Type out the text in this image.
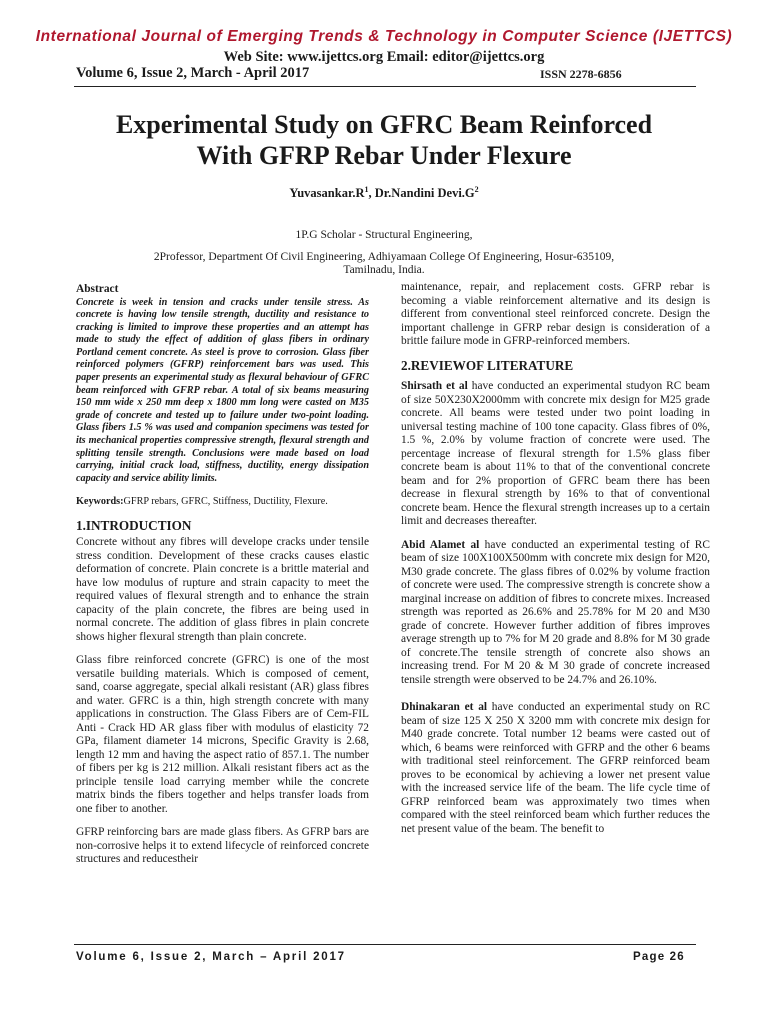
International Journal of Emerging Trends & Technology in Computer Science (IJETTCS)
Web Site: www.ijettcs.org Email: editor@ijettcs.org
Volume 6, Issue 2, March - April 2017	ISSN 2278-6856
Experimental Study on GFRC Beam Reinforced
With GFRP Rebar Under Flexure
$Yuvasankar.R^1$, Dr.Nandini $Devi.G^2$
1P.G Scholar - Structural Engineering,
2Professor, Department Of Civil Engineering, Adhiyamaan College Of Engineering, Hosur-635109,
Tamilnadu, India.
Abstract

Concrete is week in tension and cracks under tensile stress. As concrete is having low tensile strength, ductility and resistance to cracking is limited to improve these properties and an attempt has made to study the effect of addition of glass fibers in ordinary Portland cement concrete. As steel is prove to corrosion. Glass fiber reinforced polymers (GFRP) reinforcement bars was used. This paper presents an experimental study as flexural behaviour of GFRC beam reinforced with GFRP rebar. A total of six beams measuring 150 mm wide x 250 mm deep x 1800 mm long were casted on M35 grade of concrete and tested up to failure under two-point loading. Glass fibers 1.5 % was used and companion specimens was tested for its mechanical properties compressive strength, flexural strength and splitting tensile strength. Conclusions were made based on load carrying, initial crack load, stiffness, ductility, energy dissipation capacity and service ability limits.

Keywords:GFRP rebars, GFRC, Stiffness, Ductility, Flexure.

1.INTRODUCTION

Concrete without any fibres will develope cracks under tensile stress condition. Development of these cracks causes elastic deformation of concrete. Plain concrete is a brittle material and have low modulus of rupture and strain capacity to meet the required values of flexural strength and to enhance the strain capacity of the plain concrete, the fibres are being used in normal concrete. The addition of glass fibres in plain concrete shows higher flexural strength than plain concrete.

Glass fibre reinforced concrete (GFRC) is one of the most versatile building materials. Which is composed of cement, sand, coarse aggregate, special alkali resistant (AR) glass fibres and water. GFRC is a thin, high strength concrete with many applications in construction. The Glass Fibers are of Cem-FIL Anti - Crack HD AR glass fiber with modulus of elasticity 72 GPa, filament diameter 14 microns, Specific Gravity is 2.68, length 12 mm and having the aspect ratio of 857.1. The number of fibers per kg is 212 million. Alkali resistant fibers act as the principle tensile load carrying member while the concrete matrix binds the fibers together and helps transfer loads from one fiber to another.

GFRP reinforcing bars are made glass fibers. As GFRP bars are non-corrosive helps it to extend lifecycle of reinforced concrete structures and reducestheir

maintenance, repair, and replacement costs. GFRP rebar is becoming a viable reinforcement alternative and its design is different from conventional steel reinforced concrete. Design the important challenge in GFRP rebar design is consideration of a brittle failure mode in GFRP-reinforced members.

2.REVIEWOF LITERATURE

Shirsath et al have conducted an experimental studyon RC beam of size 50X230X2000mm with concrete mix design for M25 grade concrete. All beams were tested under two point loading in universal testing machine of 100 tone capacity. Glass fibres of 0%, 1.5 %, 2.0% by volume fraction of concrete were used. The percentage increase of flexural strength for 1.5% glass fiber concrete beam is about 11% to that of the conventional concrete beam and for 2% proportion of GFRC beam there has been decrease in flexural strength by 16% to that of conventional concrete beam. Hence the flexural strength increases up to a certain limit and decreases thereafter.

Abid Alamet al have conducted an experimental testing of RC beam of size 100X100X500mm with concrete mix design for M20, M30 grade concrete. The glass fibres of 0.02% by volume fraction of concrete were used. The compressive strength is concrete show a marginal increase on addition of fibres to concrete mixes. Increased strength was reported as 26.6% and 25.78% for M 20 and M30 grade of concrete. However further addition of fibres improves average strength up to 7% for M 20 grade and 8.8% for M 30 grade of concrete.The tensile strength of concrete also shows an increasing trend. For M 20 & M 30 grade of concrete increased tensile strength were observed to be 24.7% and 26.10%.

Dhinakaran et al have conducted an experimental study on RC beam of size 125 X 250 X 3200 mm with concrete mix design for M40 grade concrete. Total number 12 beams were casted out of which, 6 beams were reinforced with GFRP and the other 6 beams with traditional steel reinforcement. The GFRP reinforced beam proves to be economical by achieving a lower net present value with the increased service life of the beam. The life cycle time of GFRP reinforced beam was approximately two times when compared with the steel reinforced beam which further reduces the net present value of the beam. The benefit to

Volume 6, Issue 2, March – April 2017	Page 26
